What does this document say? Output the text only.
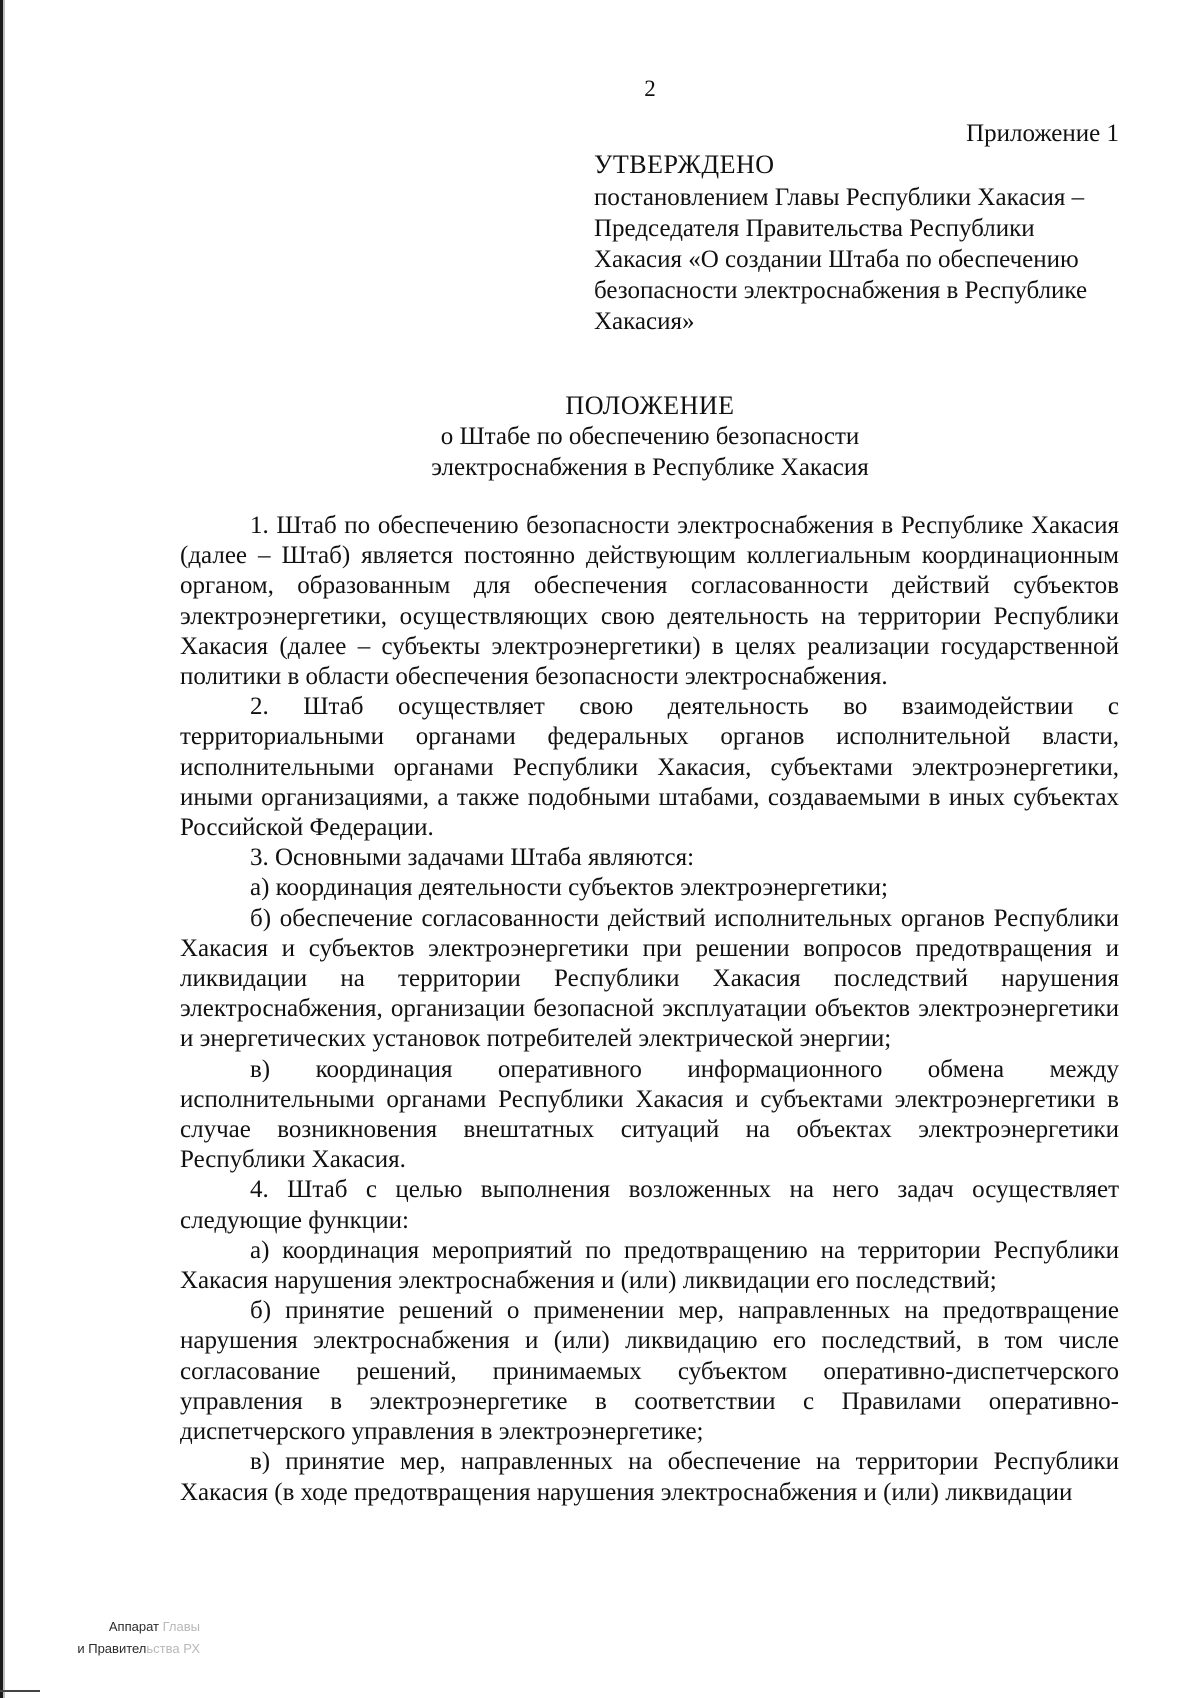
2
Приложение 1
УТВЕРЖДЕНО
постановлением Главы Республики Хакасия –
Председателя Правительства Республики
Хакасия «О создании Штаба по обеспечению
безопасности электроснабжения в Республике
Хакасия»
ПОЛОЖЕНИЕ
о Штабе по обеспечению безопасности
электроснабжения в Республике Хакасия

1. Штаб по обеспечению безопасности электроснабжения в Республике Хакасия (далее – Штаб) является постоянно действующим коллегиальным координационным органом, образованным для обеспечения согласованности действий субъектов электроэнергетики, осуществляющих свою деятельность на территории Республики Хакасия (далее – субъекты электроэнергетики) в целях реализации государственной политики в области обеспечения безопасности электроснабжения.

2. Штаб осуществляет свою деятельность во взаимодействии с территориальными органами федеральных органов исполнительной власти, исполнительными органами Республики Хакасия, субъектами электроэнергетики, иными организациями, а также подобными штабами, создаваемыми в иных субъектах Российской Федерации.

3. Основными задачами Штаба являются:

а) координация деятельности субъектов электроэнергетики;

б) обеспечение согласованности действий исполнительных органов Республики Хакасия и субъектов электроэнергетики при решении вопросов предотвращения и ликвидации на территории Республики Хакасия последствий нарушения электроснабжения, организации безопасной эксплуатации объектов электроэнергетики и энергетических установок потребителей электрической энергии;

в) координация оперативного информационного обмена между исполнительными органами Республики Хакасия и субъектами электроэнергетики в случае возникновения внештатных ситуаций на объектах электроэнергетики Республики Хакасия.

4. Штаб с целью выполнения возложенных на него задач осуществляет следующие функции:

а) координация мероприятий по предотвращению на территории Республики Хакасия нарушения электроснабжения и (или) ликвидации его последствий;

б) принятие решений о применении мер, направленных на предотвращение нарушения электроснабжения и (или) ликвидацию его последствий, в том числе согласование решений, принимаемых субъектом оперативно-диспетчерского управления в электроэнергетике в соответствии с Правилами оперативно-диспетчерского управления в электроэнергетике;

в) принятие мер, направленных на обеспечение на территории Республики Хакасия (в ходе предотвращения нарушения электроснабжения и (или) ликвидации

Аппарат Главы
и Правительства РХ
